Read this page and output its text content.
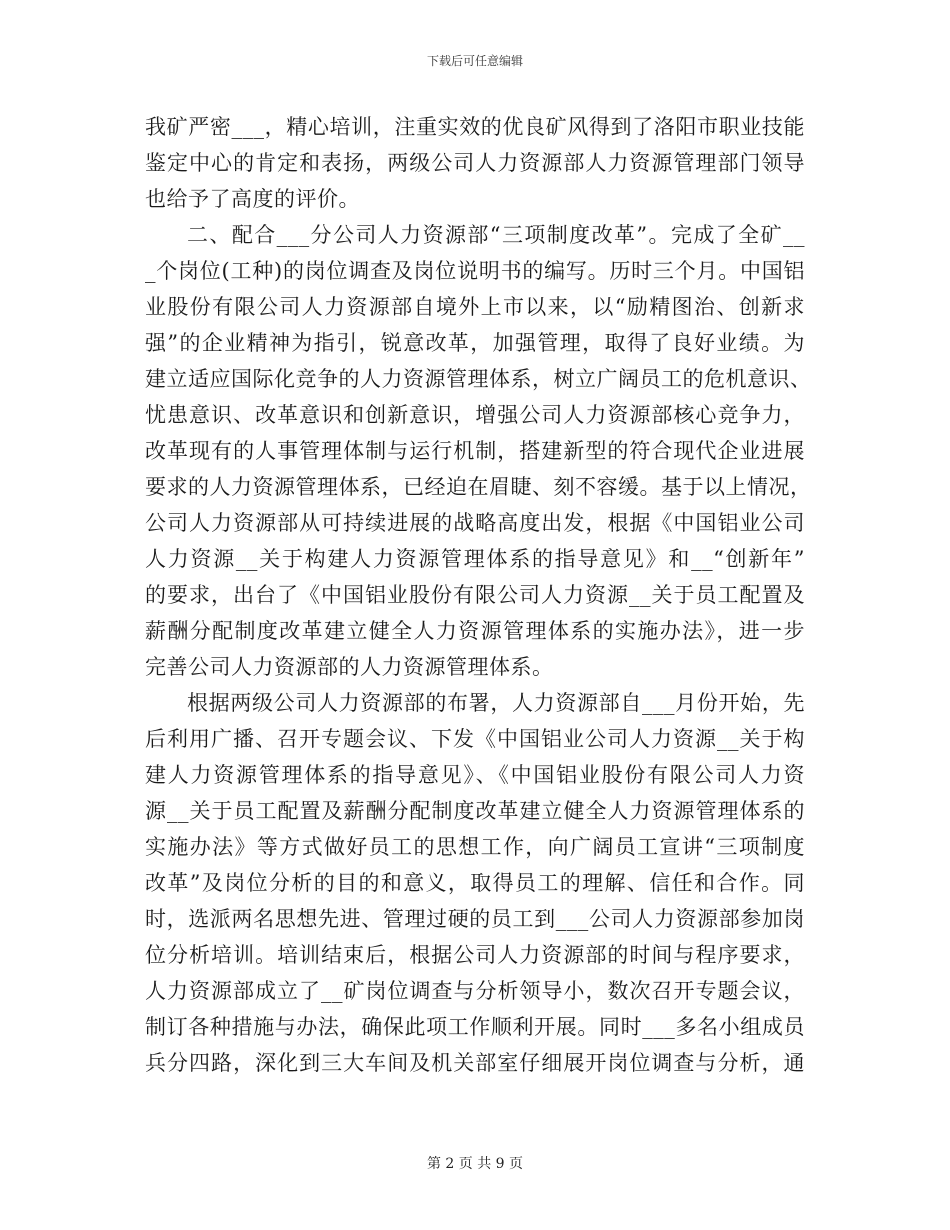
下载后可任意编辑
我矿严密___，精心培训，注重实效的优良矿风得到了洛阳市职业技能
鉴定中心的肯定和表扬，两级公司人力资源部人力资源管理部门领导
也给予了高度的评价。
二、配合___分公司人力资源部“三项制度改革”。完成了全矿__
_个岗位(工种)的岗位调查及岗位说明书的编写。历时三个月。中国铝
业股份有限公司人力资源部自境外上市以来，以“励精图治、创新求
强”的企业精神为指引，锐意改革，加强管理，取得了良好业绩。为
建立适应国际化竞争的人力资源管理体系，树立广阔员工的危机意识、
忧患意识、改革意识和创新意识，增强公司人力资源部核心竞争力，
改革现有的人事管理体制与运行机制，搭建新型的符合现代企业进展
要求的人力资源管理体系，已经迫在眉睫、刻不容缓。基于以上情况，
公司人力资源部从可持续进展的战略高度出发，根据《中国铝业公司
人力资源__关于构建人力资源管理体系的指导意见》和__“创新年”
的要求，出台了《中国铝业股份有限公司人力资源__关于员工配置及
薪酬分配制度改革建立健全人力资源管理体系的实施办法》，进一步
完善公司人力资源部的人力资源管理体系。
根据两级公司人力资源部的布署，人力资源部自___月份开始，先
后利用广播、召开专题会议、下发《中国铝业公司人力资源__关于构
建人力资源管理体系的指导意见》、《中国铝业股份有限公司人力资
源__关于员工配置及薪酬分配制度改革建立健全人力资源管理体系的
实施办法》等方式做好员工的思想工作，向广阔员工宣讲“三项制度
改革”及岗位分析的目的和意义，取得员工的理解、信任和合作。同
时，选派两名思想先进、管理过硬的员工到___公司人力资源部参加岗
位分析培训。培训结束后，根据公司人力资源部的时间与程序要求，
人力资源部成立了__矿岗位调查与分析领导小，数次召开专题会议，
制订各种措施与办法，确保此项工作顺利开展。同时___多名小组成员
兵分四路，深化到三大车间及机关部室仔细展开岗位调查与分析，通
第 2 页 共 9 页
